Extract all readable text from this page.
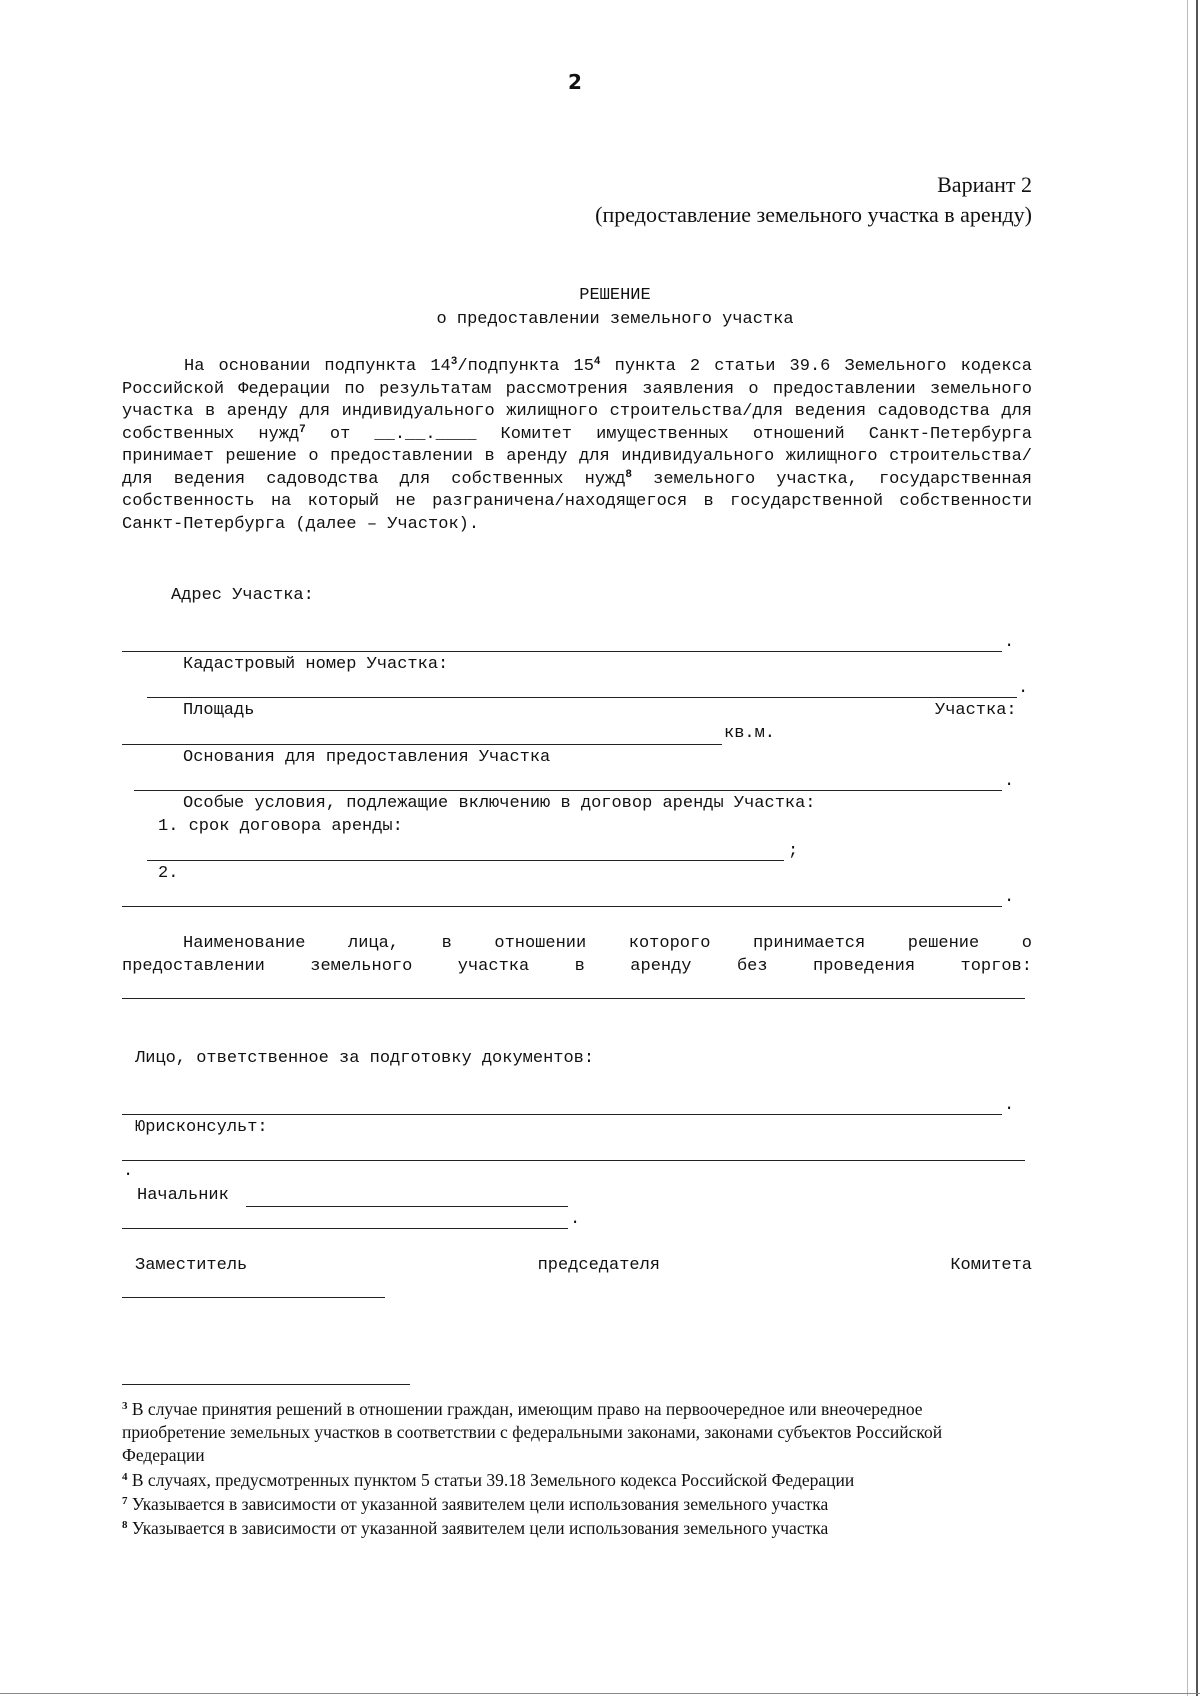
2
Вариант 2
(предоставление земельного участка в аренду)
РЕШЕНИЕ
о предоставлении земельного участка
На основании подпункта $14^3$/подпункта $15^4$ пункта 2 статьи 39.6 Земельного кодекса Российской Федерации по результатам рассмотрения заявления о предоставлении земельного участка в аренду для индивидуального жилищного строительства/для ведения садоводства для собственных нужд$^7$ от __.__.____ Комитет имущественных отношений Санкт-Петербурга принимает решение о предоставлении в аренду для индивидуального жилищного строительства/для ведения садоводства для собственных нужд$^8$ земельного участка, государственная собственность на который не разграничена/находящегося в государственной собственности Санкт-Петербурга (далее – Участок).
Адрес Участка:
.
Кадастровый номер Участка:
.
Площадь	Участка:
кв.м.
Основания для предоставления Участка
.
Особые условия, подлежащие включению в договор аренды Участка:
1. срок договора аренды:
;
2.
.
Наименование	лица,	в	отношении	которого	принимается	решение	о
предоставлении	земельного	участка	в	аренду	без	проведения	торгов:
Лицо, ответственное за подготовку документов:
.
Юрисконсульт:
.
Начальник
.
Заместитель	председателя	Комитета
$^3$ В случае принятия решений в отношении граждан, имеющим право на первоочередное или внеочередное приобретение земельных участков в соответствии с федеральными законами, законами субъектов Российской Федерации
$^4$ В случаях, предусмотренных пунктом 5 статьи 39.18 Земельного кодекса Российской Федерации
$^7$ Указывается в зависимости от указанной заявителем цели использования земельного участка
$^8$ Указывается в зависимости от указанной заявителем цели использования земельного участка
